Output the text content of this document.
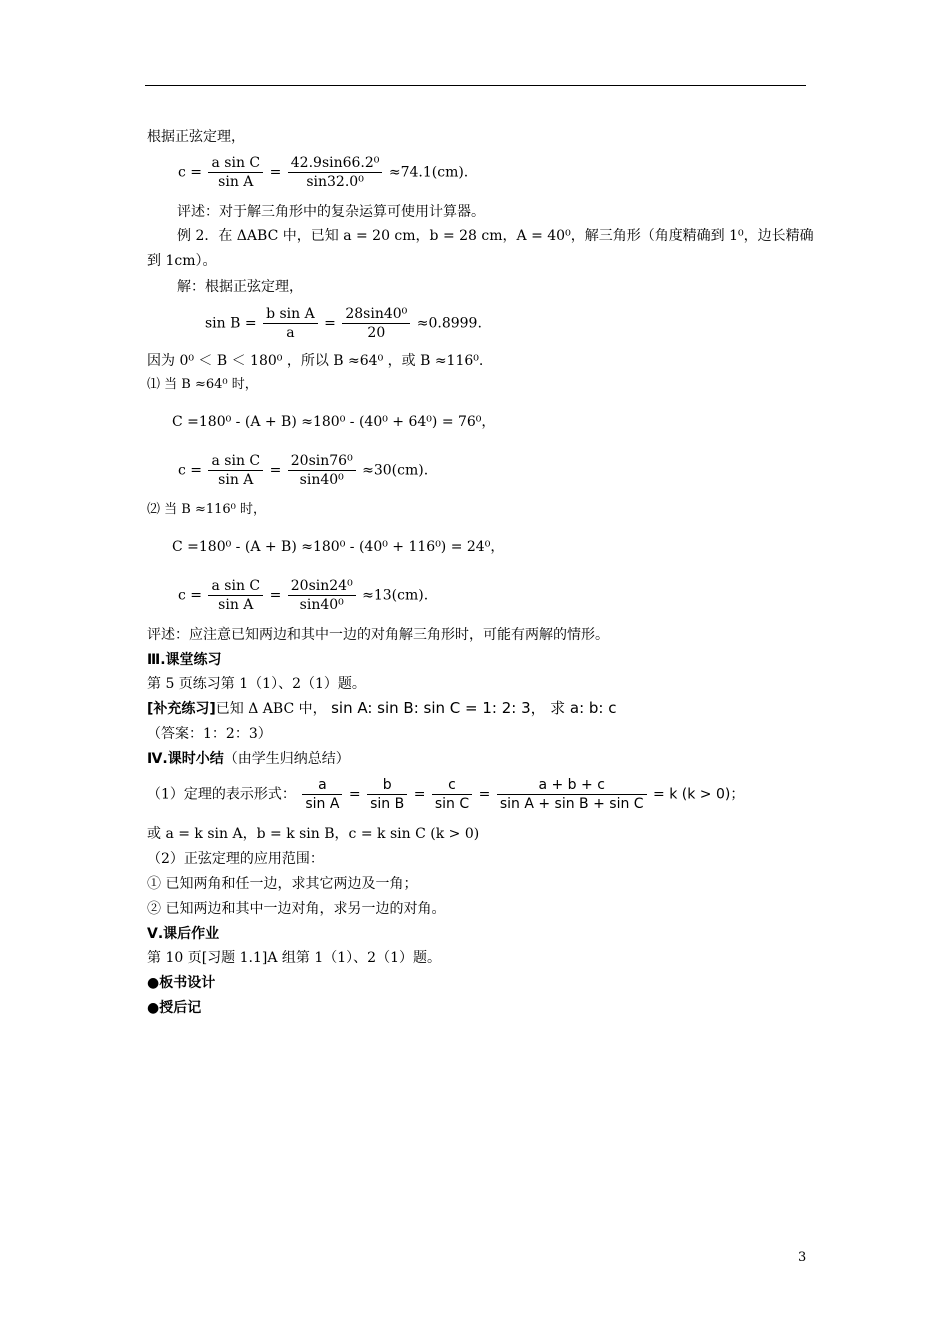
根据正弦定理，
$c = \frac{\text{a sin C}}{\text{sin A}} = \frac{\text{42.9sin66.2⁰}}{\text{sin32.0⁰}} \approx 74.1(cm)$.
评述：对于解三角形中的复杂运算可使用计算器。
例 2．在 ΔABC 中，已知 a = 20 cm，b = 28 cm，A = 40⁰，解三角形（角度精确到 1⁰，边长精确
到 1cm）。
解：根据正弦定理，
$\sin B = \frac{\text{b sin A}}{a} = \frac{\text{28sin40⁰}}{20} \approx 0.8999$.
因为 0⁰ ＜ B ＜ 180⁰ ，所以 B ≈64⁰ ，或 B ≈116⁰.
⑴ 当 B ≈64⁰ 时，
C =180⁰ - (A + B) ≈180⁰ - (40⁰ + 64⁰) = 76⁰，
$c = \frac{\text{a sin C}}{\text{sin A}} = \frac{\text{20sin76⁰}}{\text{sin40⁰}} \approx 30(cm)$.
⑵ 当 B ≈116⁰ 时，
C =180⁰ - (A + B) ≈180⁰ - (40⁰ + 116⁰) = 24⁰，
$c = \frac{\text{a sin C}}{\text{sin A}} = \frac{\text{20sin24⁰}}{\text{sin40⁰}} \approx 13(cm)$.
评述：应注意已知两边和其中一边的对角解三角形时，可能有两解的情形。
Ⅲ.课堂练习
第 5 页练习第 1（1）、2（1）题。
[补充练习]已知 Δ ABC 中， sin A: sin B: sin C = 1: 2: 3， 求 a: b: c
（答案：1：2：3）
Ⅳ.课时小结（由学生归纳总结）
（1）定理的表示形式： $\frac{a}{\text{sin A}} = \frac{b}{\text{sin B}} = \frac{c}{\text{sin C}} = \frac{a + b + c}{\text{sin A + sin B + sin C}} = k$ (k > 0)；
或 a = k sin A，b = k sin B，c = k sin C (k > 0)
（2）正弦定理的应用范围：
① 已知两角和任一边，求其它两边及一角；
② 已知两边和其中一边对角，求另一边的对角。
Ⅴ.课后作业
第 10 页[习题 1.1]A 组第 1（1）、2（1）题。
●板书设计
●授后记
3
